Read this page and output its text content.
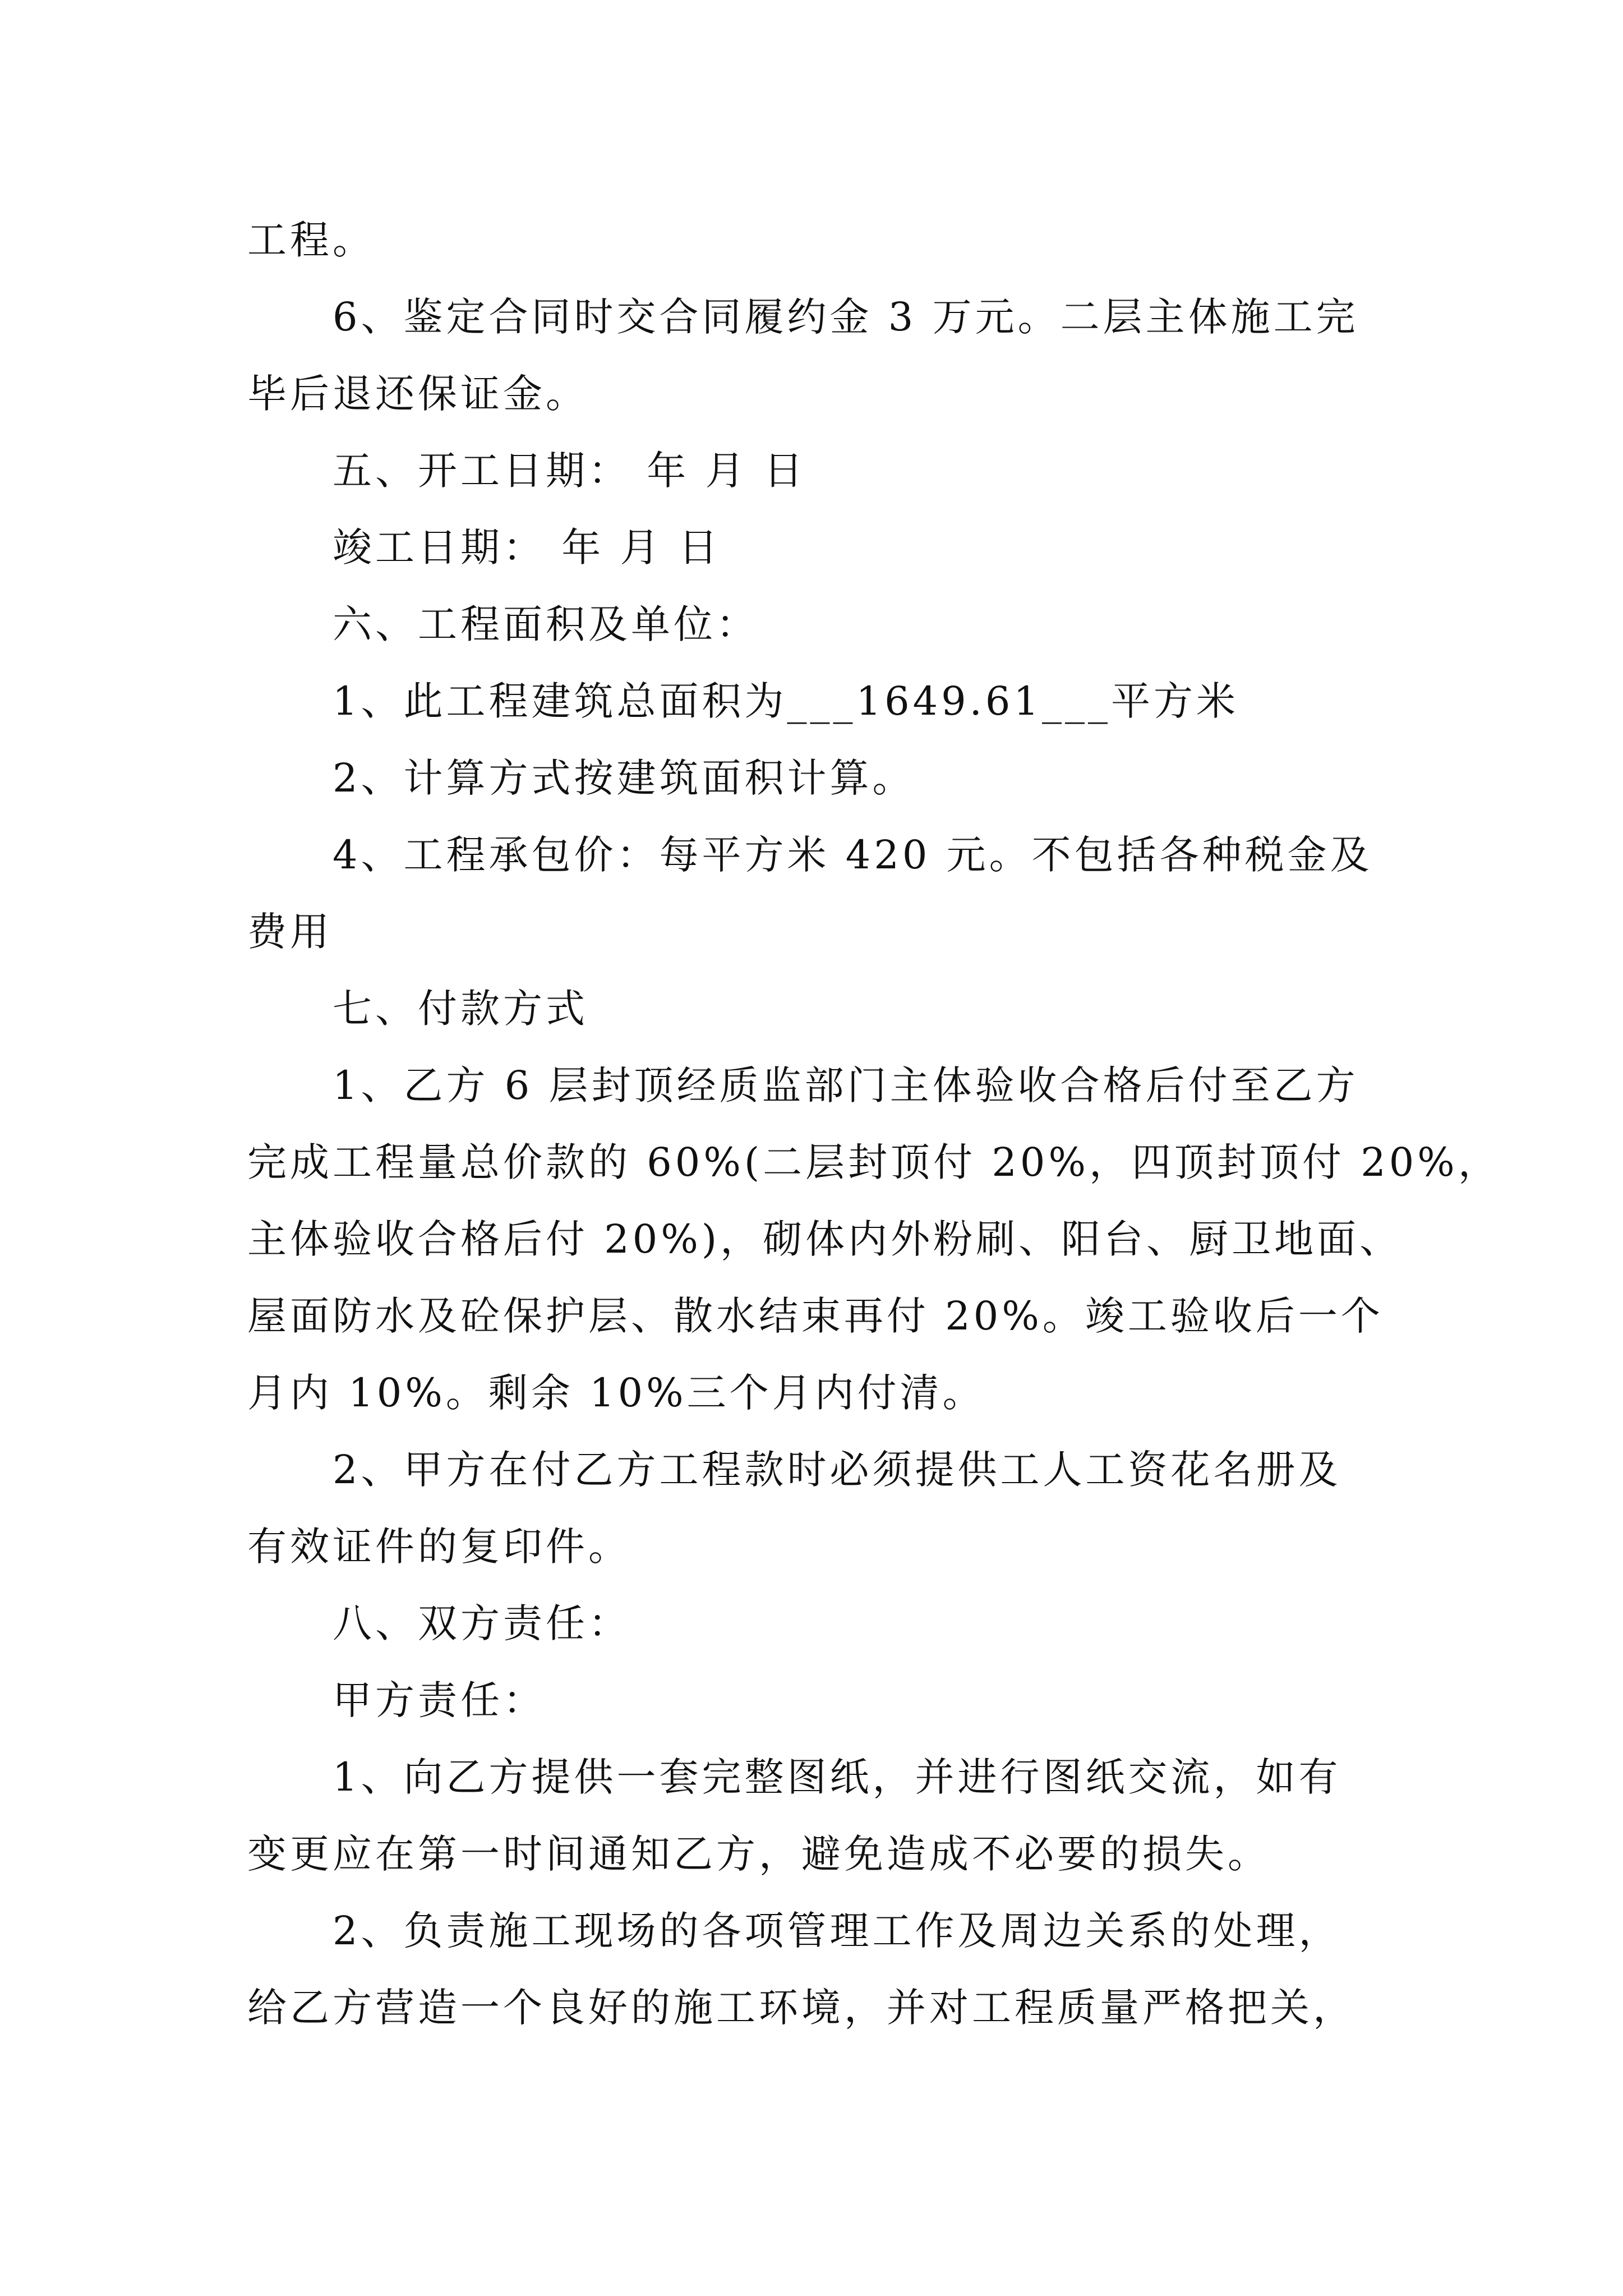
工程。

6、鉴定合同时交合同履约金 3 万元。二层主体施工完

毕后退还保证金。

五、开工日期： 年 月 日

竣工日期： 年 月 日

六、工程面积及单位：

1、此工程建筑总面积为___1649.61___平方米

2、计算方式按建筑面积计算。

4、工程承包价：每平方米 420 元。不包括各种税金及

费用

七、付款方式

1、乙方 6 层封顶经质监部门主体验收合格后付至乙方

完成工程量总价款的 60%(二层封顶付 20%，四顶封顶付 20%，

主体验收合格后付 20%)，砌体内外粉刷、阳台、厨卫地面、

屋面防水及砼保护层、散水结束再付 20%。竣工验收后一个

月内 10%。剩余 10%三个月内付清。

2、甲方在付乙方工程款时必须提供工人工资花名册及

有效证件的复印件。

八、双方责任：

甲方责任：

1、向乙方提供一套完整图纸，并进行图纸交流，如有

变更应在第一时间通知乙方，避免造成不必要的损失。

2、负责施工现场的各项管理工作及周边关系的处理，

给乙方营造一个良好的施工环境，并对工程质量严格把关，
